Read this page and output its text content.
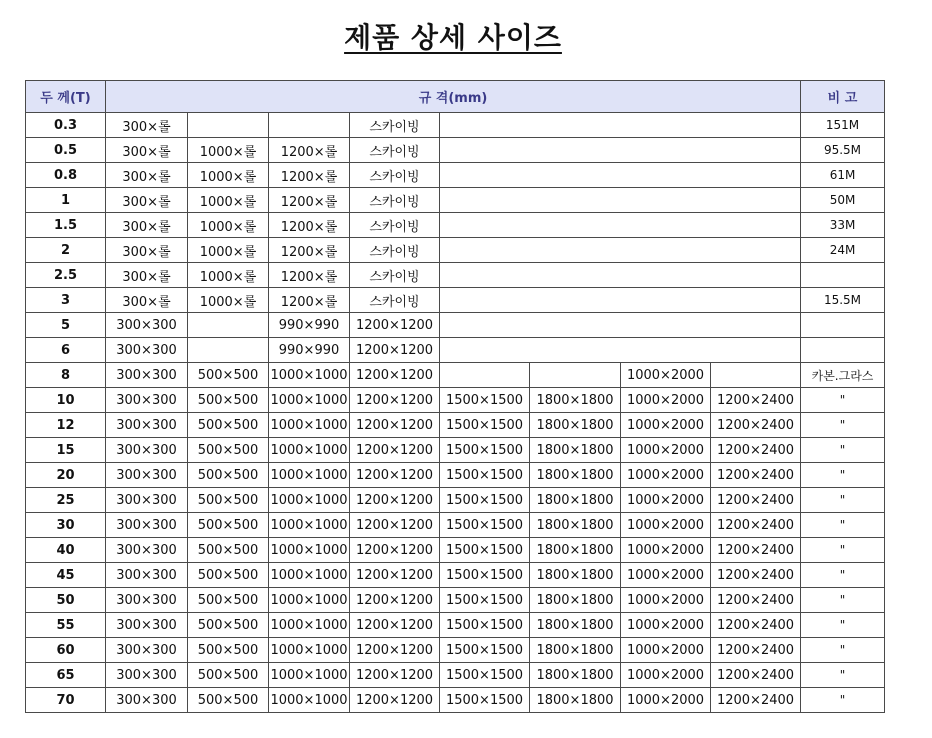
제품 상세 사이즈
두 께(T)	규 격(mm)								비 고
0.3	300×롤			스카이빙					151M
0.5	300×롤	1000×롤	1200×롤	스카이빙					95.5M
0.8	300×롤	1000×롤	1200×롤	스카이빙					61M
1	300×롤	1000×롤	1200×롤	스카이빙					50M
1.5	300×롤	1000×롤	1200×롤	스카이빙					33M
2	300×롤	1000×롤	1200×롤	스카이빙					24M
2.5	300×롤	1000×롤	1200×롤	스카이빙					
3	300×롤	1000×롤	1200×롤	스카이빙					15.5M
5	300×300		990×990	1200×1200					
6	300×300		990×990	1200×1200					
8	300×300	500×500	1000×1000	1200×1200			1000×2000		카본.그라스
10	300×300	500×500	1000×1000	1200×1200	1500×1500	1800×1800	1000×2000	1200×2400	"
12	300×300	500×500	1000×1000	1200×1200	1500×1500	1800×1800	1000×2000	1200×2400	"
15	300×300	500×500	1000×1000	1200×1200	1500×1500	1800×1800	1000×2000	1200×2400	"
20	300×300	500×500	1000×1000	1200×1200	1500×1500	1800×1800	1000×2000	1200×2400	"
25	300×300	500×500	1000×1000	1200×1200	1500×1500	1800×1800	1000×2000	1200×2400	"
30	300×300	500×500	1000×1000	1200×1200	1500×1500	1800×1800	1000×2000	1200×2400	"
40	300×300	500×500	1000×1000	1200×1200	1500×1500	1800×1800	1000×2000	1200×2400	"
45	300×300	500×500	1000×1000	1200×1200	1500×1500	1800×1800	1000×2000	1200×2400	"
50	300×300	500×500	1000×1000	1200×1200	1500×1500	1800×1800	1000×2000	1200×2400	"
55	300×300	500×500	1000×1000	1200×1200	1500×1500	1800×1800	1000×2000	1200×2400	"
60	300×300	500×500	1000×1000	1200×1200	1500×1500	1800×1800	1000×2000	1200×2400	"
65	300×300	500×500	1000×1000	1200×1200	1500×1500	1800×1800	1000×2000	1200×2400	"
70	300×300	500×500	1000×1000	1200×1200	1500×1500	1800×1800	1000×2000	1200×2400	"
